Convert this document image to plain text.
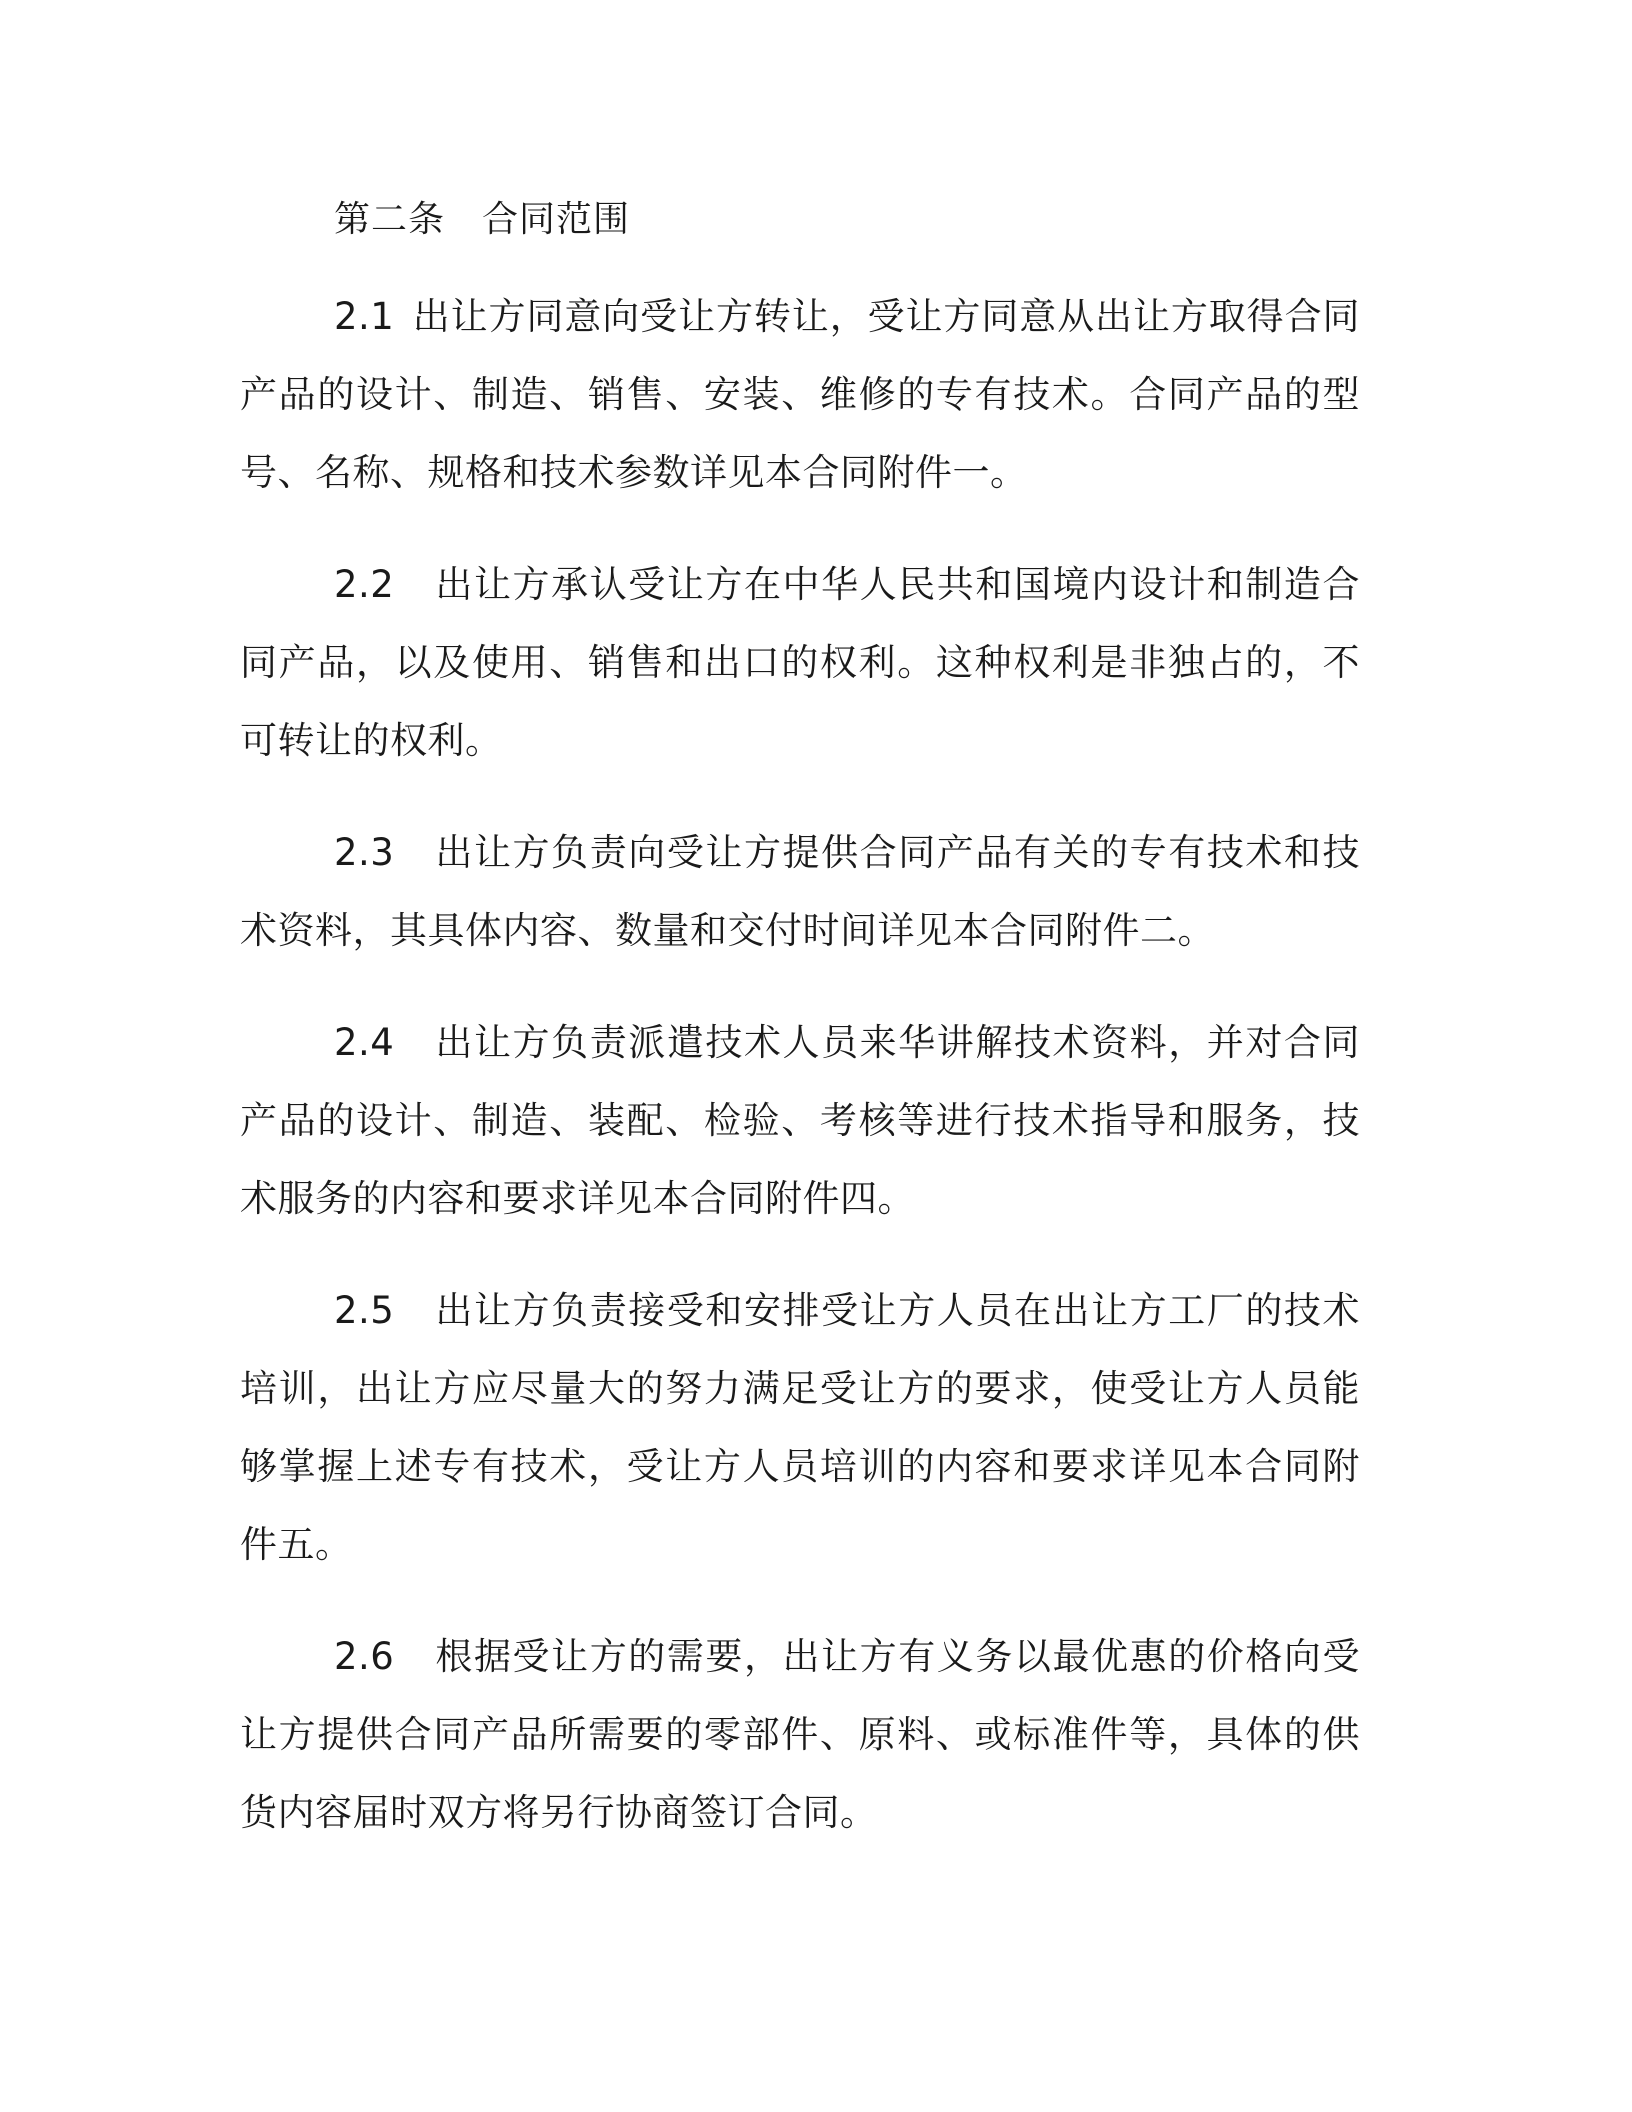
第二条　合同范围

2.1 出让方同意向受让方转让，受让方同意从出让方取得合同产品的设计、制造、销售、安装、维修的专有技术。合同产品的型号、名称、规格和技术参数详见本合同附件一。

2.2 出让方承认受让方在中华人民共和国境内设计和制造合同产品，以及使用、销售和出口的权利。这种权利是非独占的，不可转让的权利。

2.3 出让方负责向受让方提供合同产品有关的专有技术和技术资料，其具体内容、数量和交付时间详见本合同附件二。

2.4 出让方负责派遣技术人员来华讲解技术资料，并对合同产品的设计、制造、装配、检验、考核等进行技术指导和服务，技术服务的内容和要求详见本合同附件四。

2.5 出让方负责接受和安排受让方人员在出让方工厂的技术培训，出让方应尽量大的努力满足受让方的要求，使受让方人员能够掌握上述专有技术，受让方人员培训的内容和要求详见本合同附件五。

2.6 根据受让方的需要，出让方有义务以最优惠的价格向受让方提供合同产品所需要的零部件、原料、或标准件等，具体的供货内容届时双方将另行协商签订合同。
